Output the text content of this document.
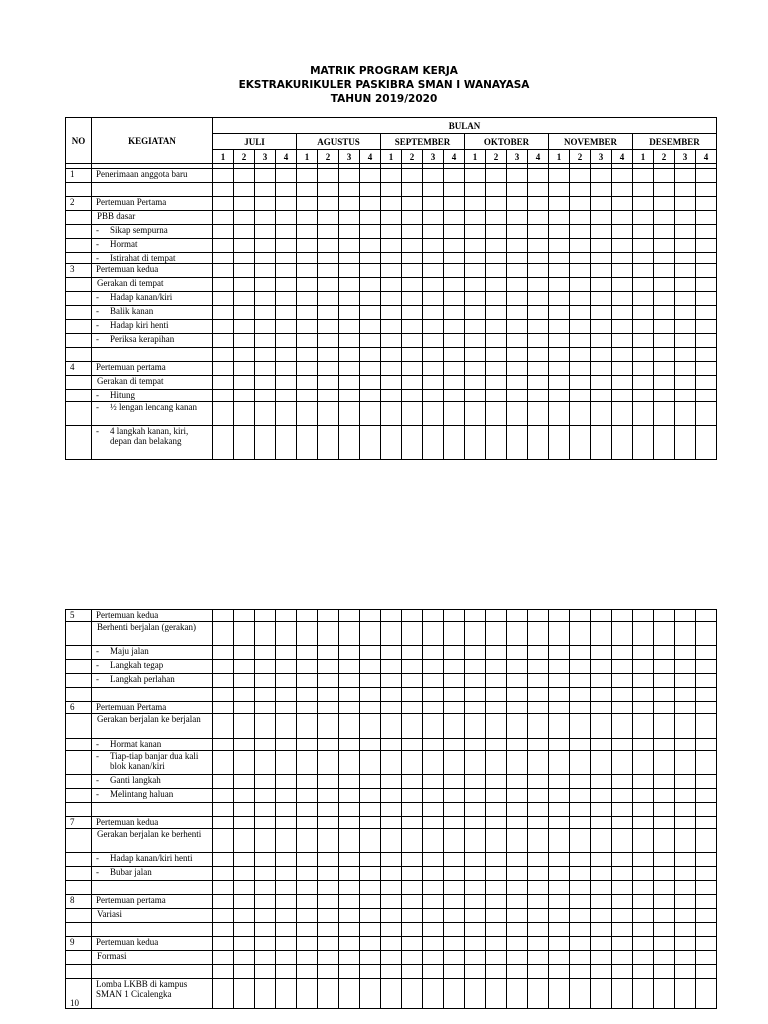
MATRIK PROGRAM KERJA
EKSTRAKURIKULER PASKIBRA SMAN I WANAYASA
TAHUN 2019/2020
NO	KEGIATAN	BULAN																							
		JULI				AGUSTUS				SEPTEMBER				OKTOBER				NOVEMBER				DESEMBER			
		1	2	3	4	1	2	3	4	1	2	3	4	1	2	3	4	1	2	3	4	1	2	3	4

1	Penerimaan anggota baru																								

2	Pertemuan Pertama																								
	PBB dasar																								
	- Sikap sempurna																								
	- Hormat																								
	- Istirahat di tempat																								
3	Pertemuan kedua																								
	Gerakan di tempat																								
	- Hadap kanan/kiri																								
	- Balik kanan																								
	- Hadap kiri henti																								
	- Periksa kerapihan																								

4	Pertemuan pertama																								
	Gerakan di tempat																								
	- Hitung																								
	- ½ lengan lencang kanan																								
	- 4 langkah kanan, kiri, depan dan belakang																								
5	Pertemuan kedua																								
	Berhenti berjalan (gerakan)																								
	- Maju jalan																								
	- Langkah tegap																								
	- Langkah perlahan																								

6	Pertemuan Pertama																								
	Gerakan berjalan ke berjalan																								
	- Hormat kanan																								
	- Tiap-tiap banjar dua kali blok kanan/kiri																								
	- Ganti langkah																								
	- Melintang haluan																								

7	Pertemuan kedua																								
	Gerakan berjalan ke berhenti																								
	- Hadap kanan/kiri henti																								
	- Bubar jalan																								

8	Pertemuan pertama																								
	Variasi																								

9	Pertemuan kedua																								
	Formasi																								

10	Lomba LKBB di kampus SMAN 1 Cicalengka																								
